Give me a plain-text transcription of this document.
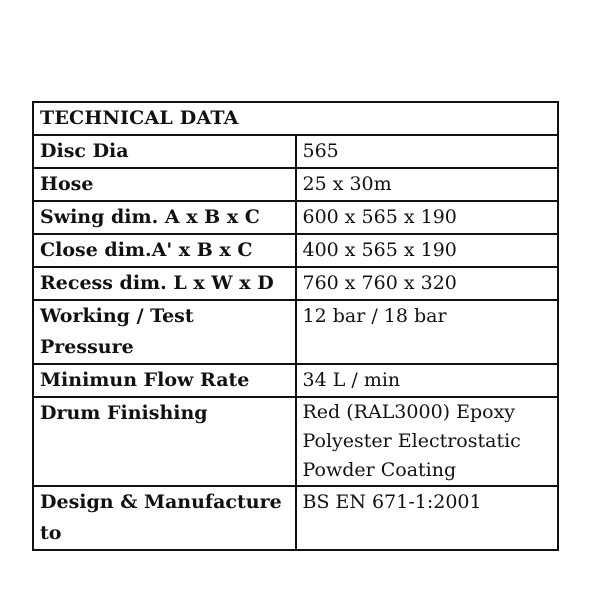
TECHNICAL DATA	
Disc Dia	565
Hose	25 x 30m
Swing dim. A x B x C	600 x 565 x 190
Close dim.A' x B x C	400 x 565 x 190
Recess dim. L x W x D	760 x 760 x 320
Working / Test Pressure	12 bar / 18 bar
Minimun Flow Rate	34 L / min
Drum Finishing	Red (RAL3000) Epoxy
Polyester Electrostatic
Powder Coating

Design & Manufacture to	BS EN 671-1:2001
